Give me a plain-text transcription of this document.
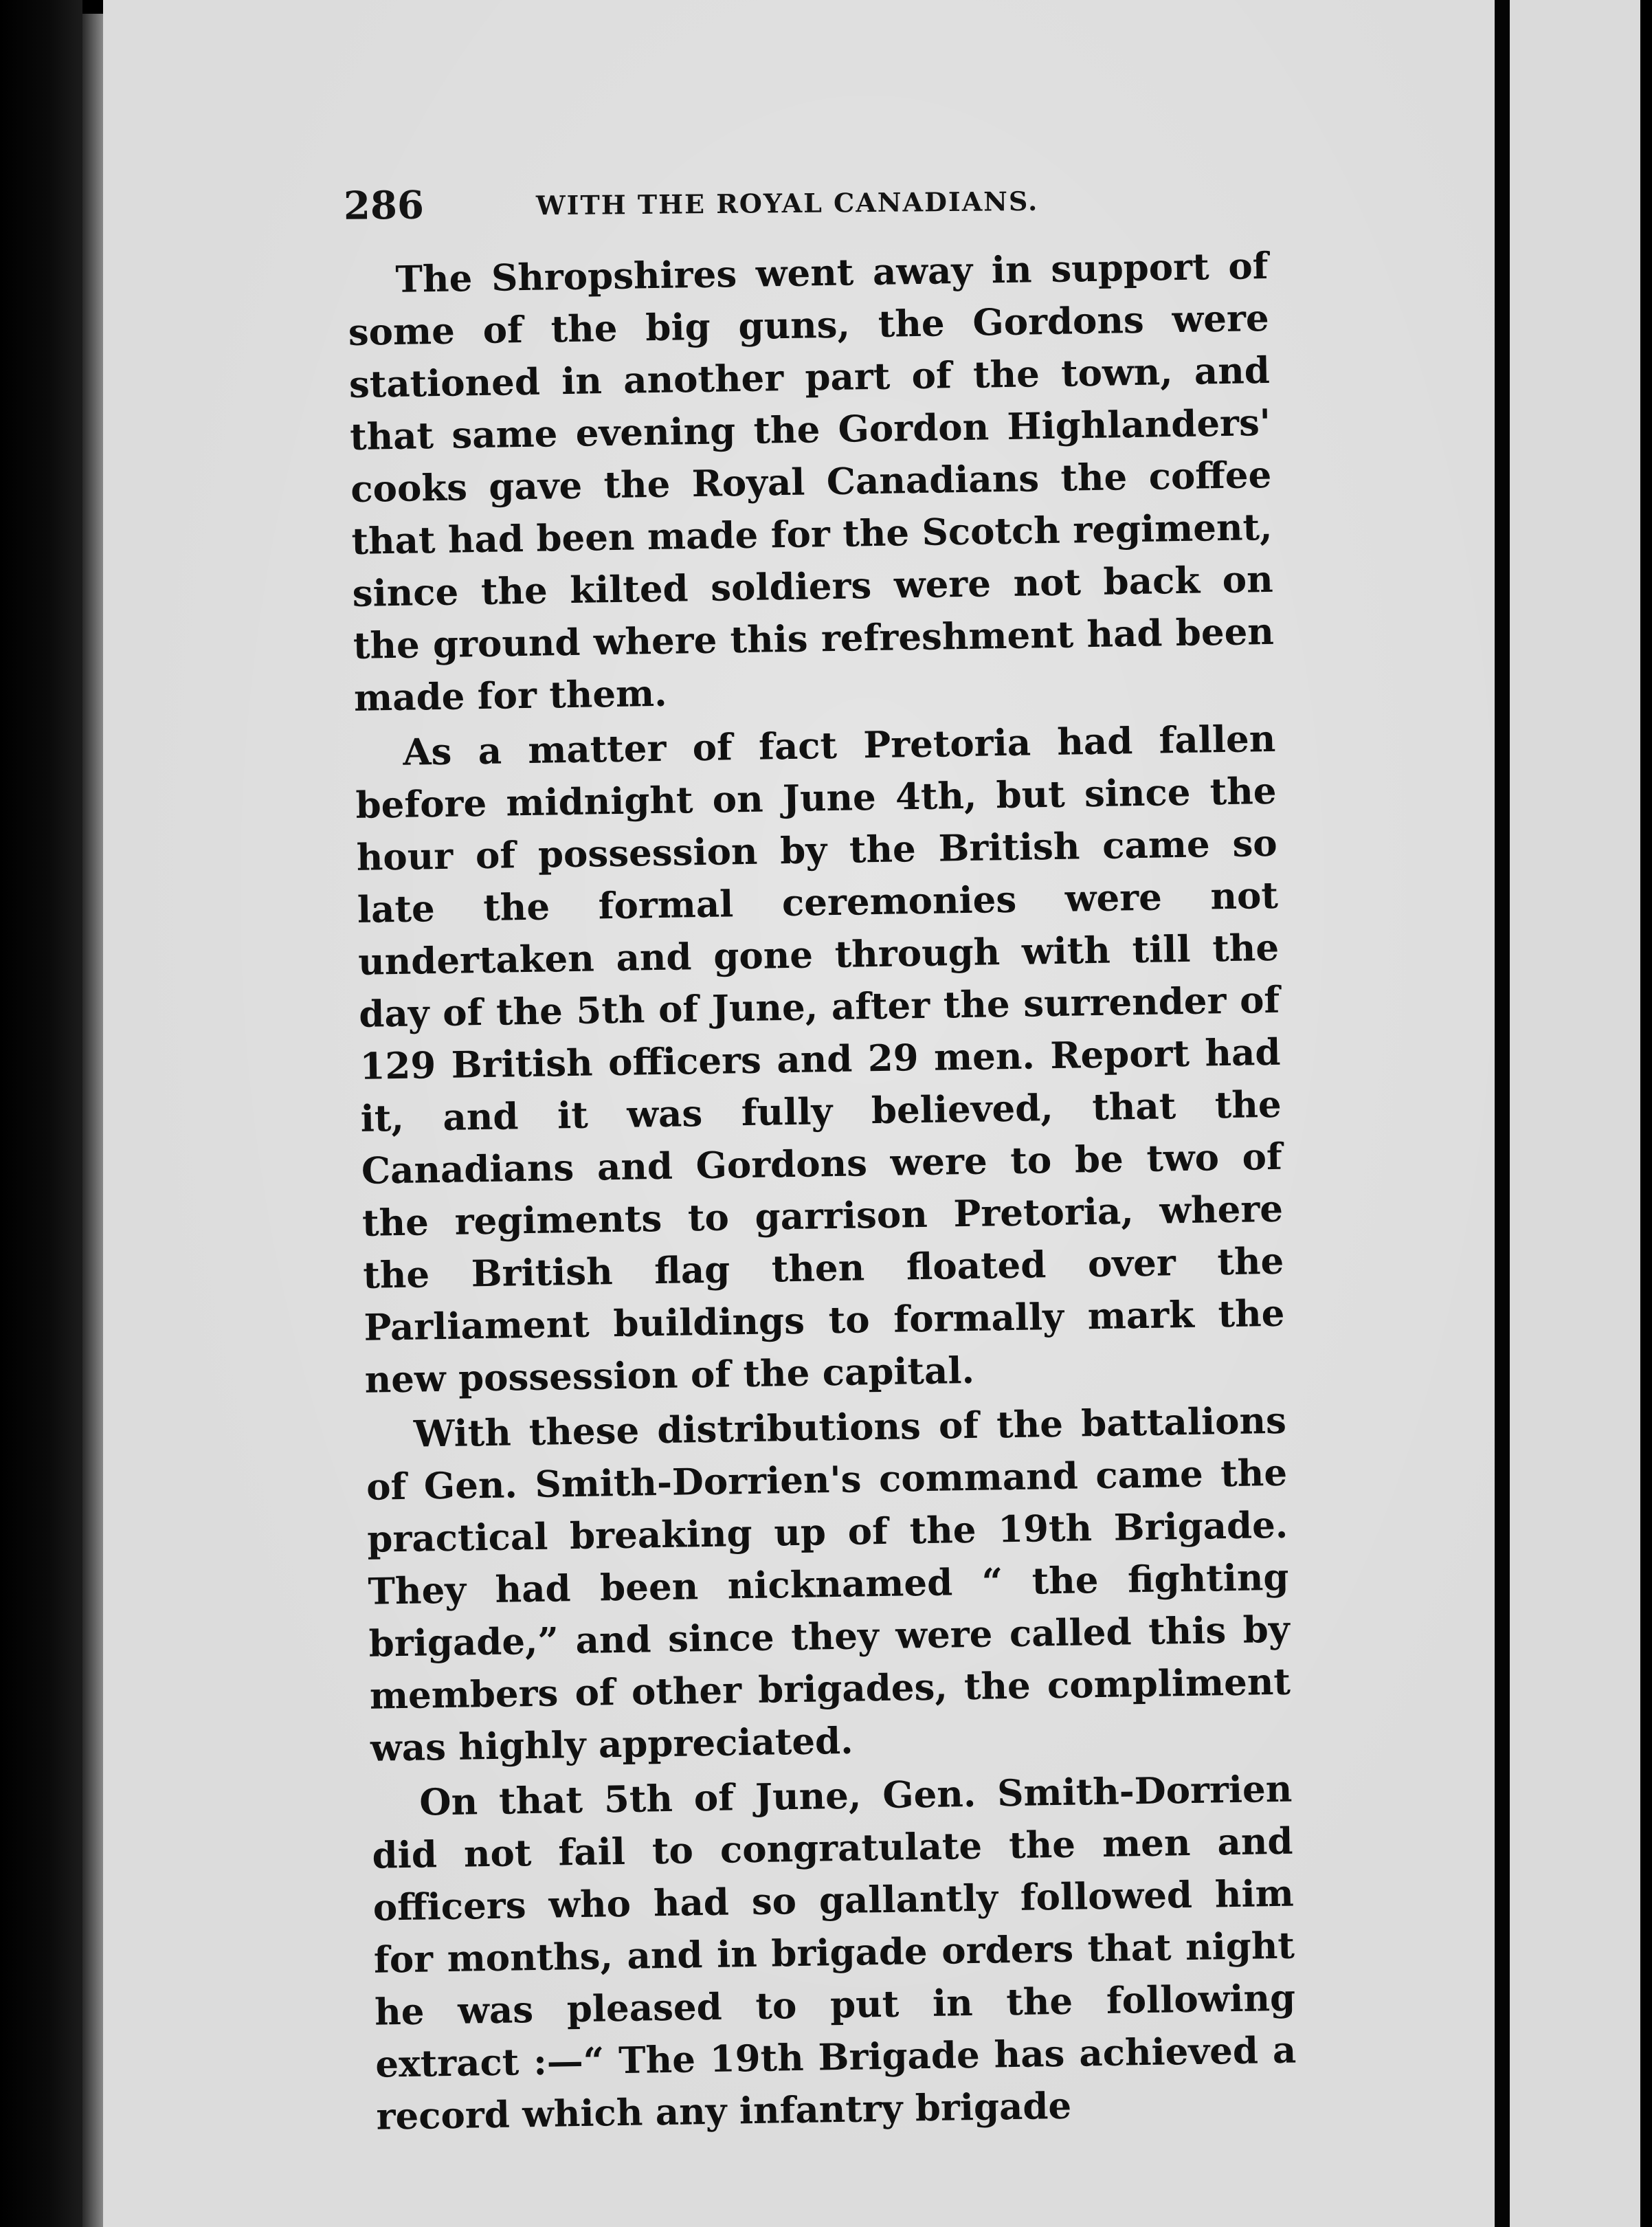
286	WITH THE ROYAL CANADIANS.

The Shropshires went away in support of some of the big guns, the Gordons were stationed in another part of the town, and that same evening the Gordon Highlanders' cooks gave the Royal Canadians the coffee that had been made for the Scotch regiment, since the kilted soldiers were not back on the ground where this refreshment had been made for them.

As a matter of fact Pretoria had fallen before midnight on June 4th, but since the hour of possession by the British came so late the formal ceremonies were not undertaken and gone through with till the day of the 5th of June, after the surrender of 129 British officers and 29 men. Report had it, and it was fully believed, that the Canadians and Gordons were to be two of the regiments to garrison Pretoria, where the British flag then floated over the Parliament buildings to formally mark the new possession of the capital.

With these distributions of the battalions of Gen. Smith-Dorrien's command came the practical breaking up of the 19th Brigade. They had been nicknamed “ the fighting brigade,” and since they were called this by members of other brigades, the compliment was highly appreciated.

On that 5th of June, Gen. Smith-Dorrien did not fail to congratulate the men and officers who had so gallantly followed him for months, and in brigade orders that night he was pleased to put in the following extract :—“ The 19th Brigade has achieved a record which any infantry brigade
